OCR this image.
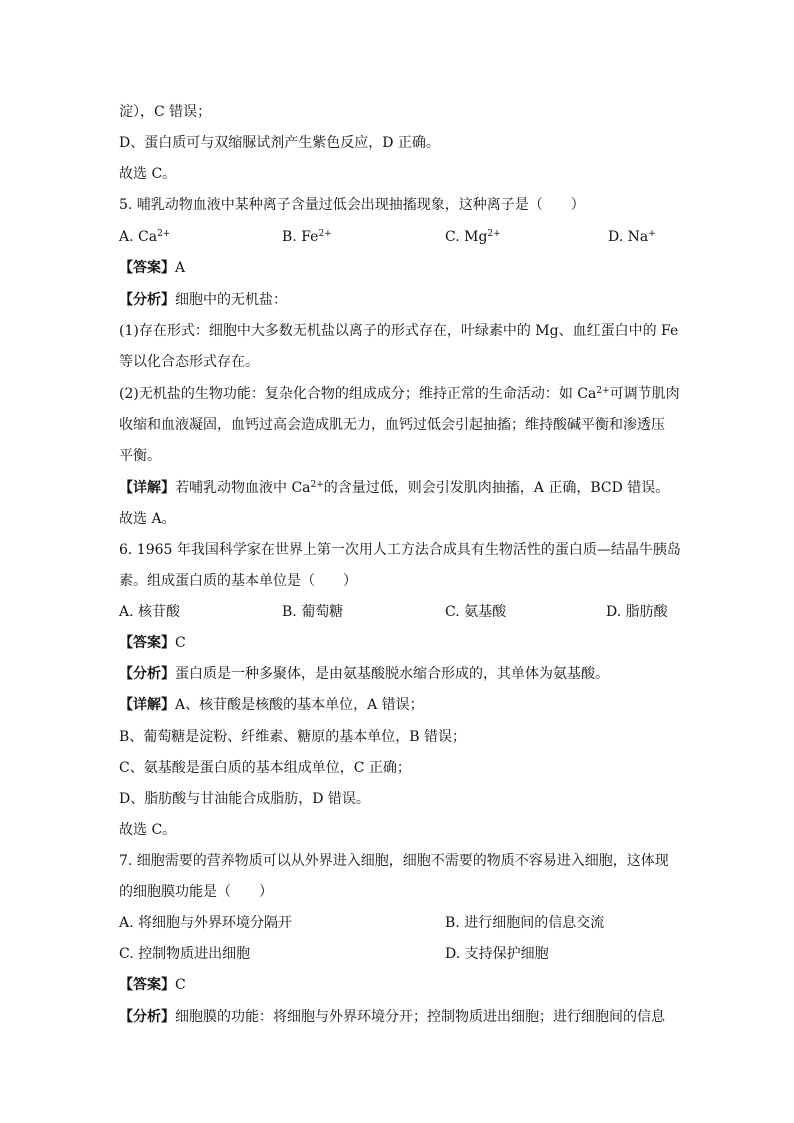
淀），C 错误；
D、蛋白质可与双缩脲试剂产生紫色反应，D 正确。
故选 C。
5. 哺乳动物血液中某种离子含量过低会出现抽搐现象，这种离子是（　　）
A. $Ca^{2+}$	B. $Fe^{2+}$	C. $Mg^{2+}$	D. Na+
【答案】A
【分析】细胞中的无机盐：
(1)存在形式：细胞中大多数无机盐以离子的形式存在，叶绿素中的 Mg、血红蛋白中的 Fe
等以化合态形式存在。
(2)无机盐的生物功能：复杂化合物的组成成分；维持正常的生命活动：如 $Ca^{2+}$可调节肌肉
收缩和血液凝固，血钙过高会造成肌无力，血钙过低会引起抽搐；维持酸碱平衡和渗透压
平衡。
【详解】若哺乳动物血液中 $Ca^{2+}$的含量过低，则会引发肌肉抽搐，A 正确，BCD 错误。
故选 A。
6. 1965 年我国科学家在世界上第一次用人工方法合成具有生物活性的蛋白质—结晶牛胰岛
素。组成蛋白质的基本单位是（　　）
A. 核苷酸	B. 葡萄糖	C. 氨基酸	D. 脂肪酸
【答案】C
【分析】蛋白质是一种多聚体，是由氨基酸脱水缩合形成的，其单体为氨基酸。
【详解】A、核苷酸是核酸的基本单位，A 错误；
B、葡萄糖是淀粉、纤维素、糖原的基本单位，B 错误；
C、氨基酸是蛋白质的基本组成单位，C 正确；
D、脂肪酸与甘油能合成脂肪，D 错误。
故选 C。
7. 细胞需要的营养物质可以从外界进入细胞，细胞不需要的物质不容易进入细胞，这体现
的细胞膜功能是（　　）
A. 将细胞与外界环境分隔开	B. 进行细胞间的信息交流
C. 控制物质进出细胞	D. 支持保护细胞
【答案】C
【分析】细胞膜的功能：将细胞与外界环境分开；控制物质进出细胞；进行细胞间的信息
